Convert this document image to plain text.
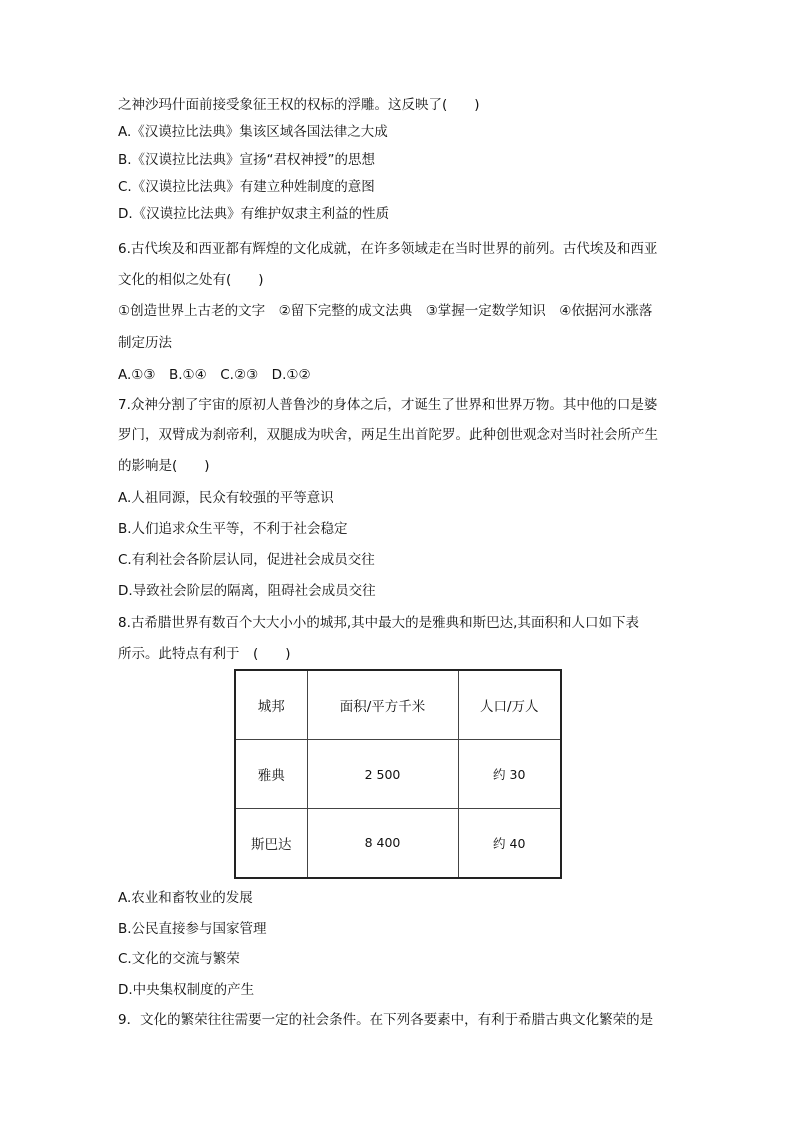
之神沙玛什面前接受象征王权的权标的浮雕。这反映了(　　)
A.《汉谟拉比法典》集该区域各国法律之大成
B.《汉谟拉比法典》宣扬“君权神授”的思想
C.《汉谟拉比法典》有建立种姓制度的意图
D.《汉谟拉比法典》有维护奴隶主利益的性质
6.古代埃及和西亚都有辉煌的文化成就，在许多领域走在当时世界的前列。古代埃及和西亚
文化的相似之处有(　　)
①创造世界上古老的文字　②留下完整的成文法典　③掌握一定数学知识　④依据河水涨落
制定历法
A.①③　B.①④　C.②③　D.①②
7.众神分割了宇宙的原初人普鲁沙的身体之后，才诞生了世界和世界万物。其中他的口是婆
罗门，双臂成为刹帝利，双腿成为吠舍，两足生出首陀罗。此种创世观念对当时社会所产生
的影响是(　　)
A.人祖同源，民众有较强的平等意识
B.人们追求众生平等，不利于社会稳定
C.有利社会各阶层认同，促进社会成员交往
D.导致社会阶层的隔离，阻碍社会成员交往
8.古希腊世界有数百个大大小小的城邦,其中最大的是雅典和斯巴达,其面积和人口如下表
所示。此特点有利于　(　　)
城邦	面积/平方千米	人口/万人
雅典	2 500	约 30
斯巴达	8 400	约 40
A.农业和畜牧业的发展
B.公民直接参与国家管理
C.文化的交流与繁荣
D.中央集权制度的产生
9．文化的繁荣往往需要一定的社会条件。在下列各要素中，有利于希腊古典文化繁荣的是
